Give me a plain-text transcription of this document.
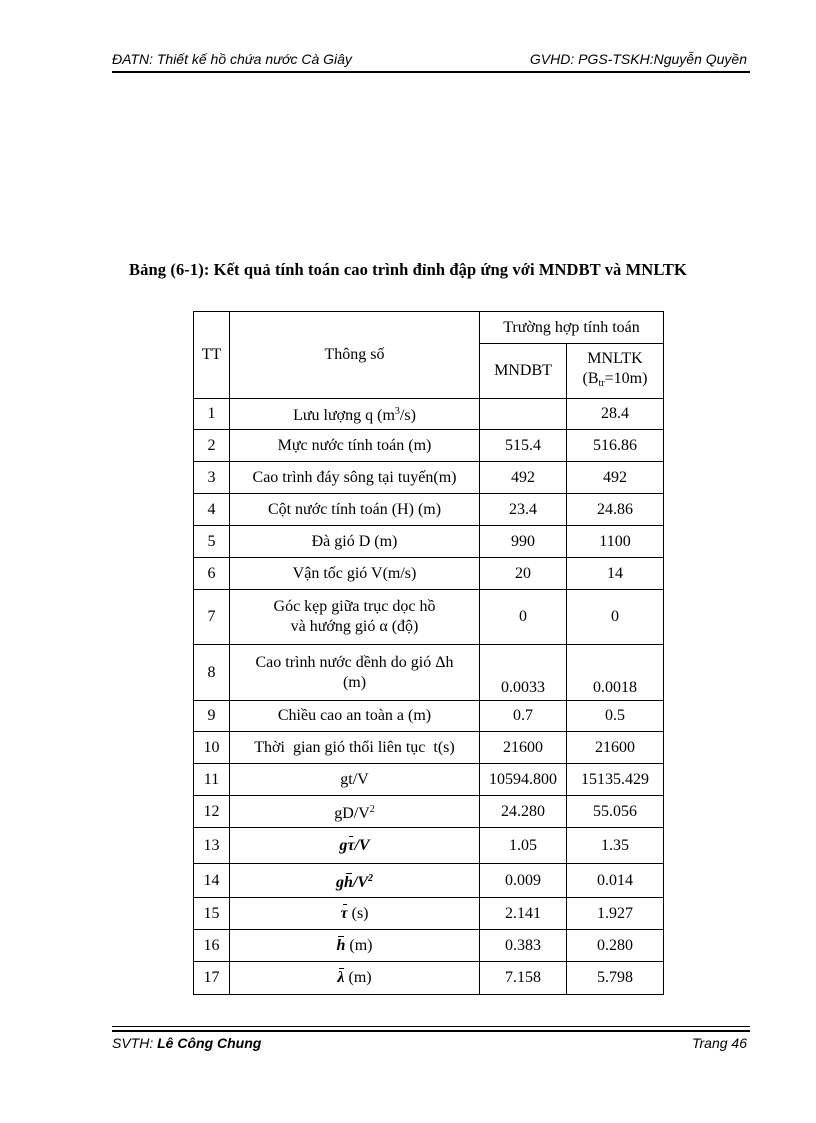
ĐATN: Thiết kế hồ chứa nước Cà Giây	GVHD: PGS-TSKH:Nguyễn Quyền
Bảng (6-1): Kết quả tính toán cao trình đỉnh đập ứng với MNDBT và MNLTK
TT	Thông số	Trường hợp tính toán	
		MNDBT	MNLTK
$(B_{tr}=10m)$

1	Lưu lượng q $(m^3/s)$		28.4
2	Mực nước tính toán (m)	515.4	516.86
3	Cao trình đáy sông tại tuyến(m)	492	492
4	Cột nước tính toán (H) (m)	23.4	24.86
5	Đà gió D (m)	990	1100
6	Vận tốc gió V(m/s)	20	14
7	Góc kẹp giữa trục dọc hồ
và hướng gió α (độ)	0	0
8	Cao trình nước dềnh do gió Δh
(m)	0.0033	0.0018
9	Chiều cao an toàn a (m)	0.7	0.5
10	Thời  gian gió thổi liên tục  t(s)	21600	21600
11	gt/V	10594.800	15135.429
12	$gD/V^2$	24.280	55.056
13	gτ/V	1.05	1.35
14	$gh/V^2$	0.009	0.014
15	τ (s)	2.141	1.927
16	h (m)	0.383	0.280
17	λ (m)	7.158	5.798
SVTH: Lê Công Chung	Trang 46
